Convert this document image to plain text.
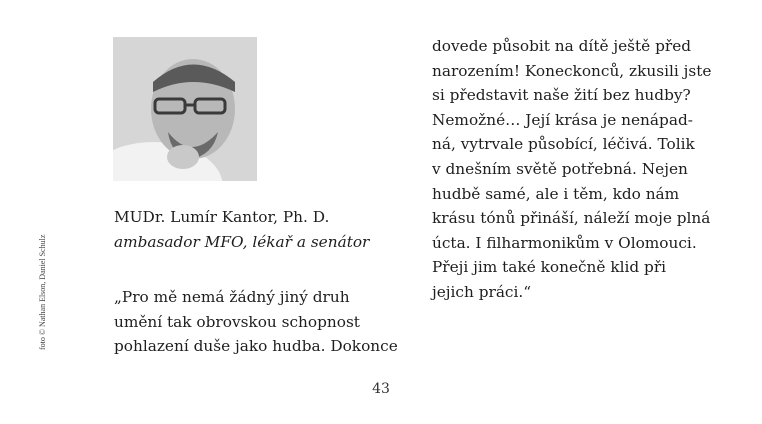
foto © Nathan Elson, Daniel Schulz
MUDr. Lumír Kantor, Ph. D.
ambasador MFO, lékař a senátor
„Pro mě nemá žádný jiný druh
umění tak obrovskou schopnost
pohlazení duše jako hudba. Dokonce
dovede působit na dítě ještě před
narozením! Koneckonců, zkusili jste
si představit naše žití bez hudby?
Nemožné… Její krása je nenápad-
ná, vytrvale působící, léčivá. Tolik
v dnešním světě potřebná. Nejen
hudbě samé, ale i těm, kdo nám
krásu tónů přináší, náleží moje plná
úcta. I filharmonikům v Olomouci.
Přeji jim také konečně klid při
jejich práci.“
43
